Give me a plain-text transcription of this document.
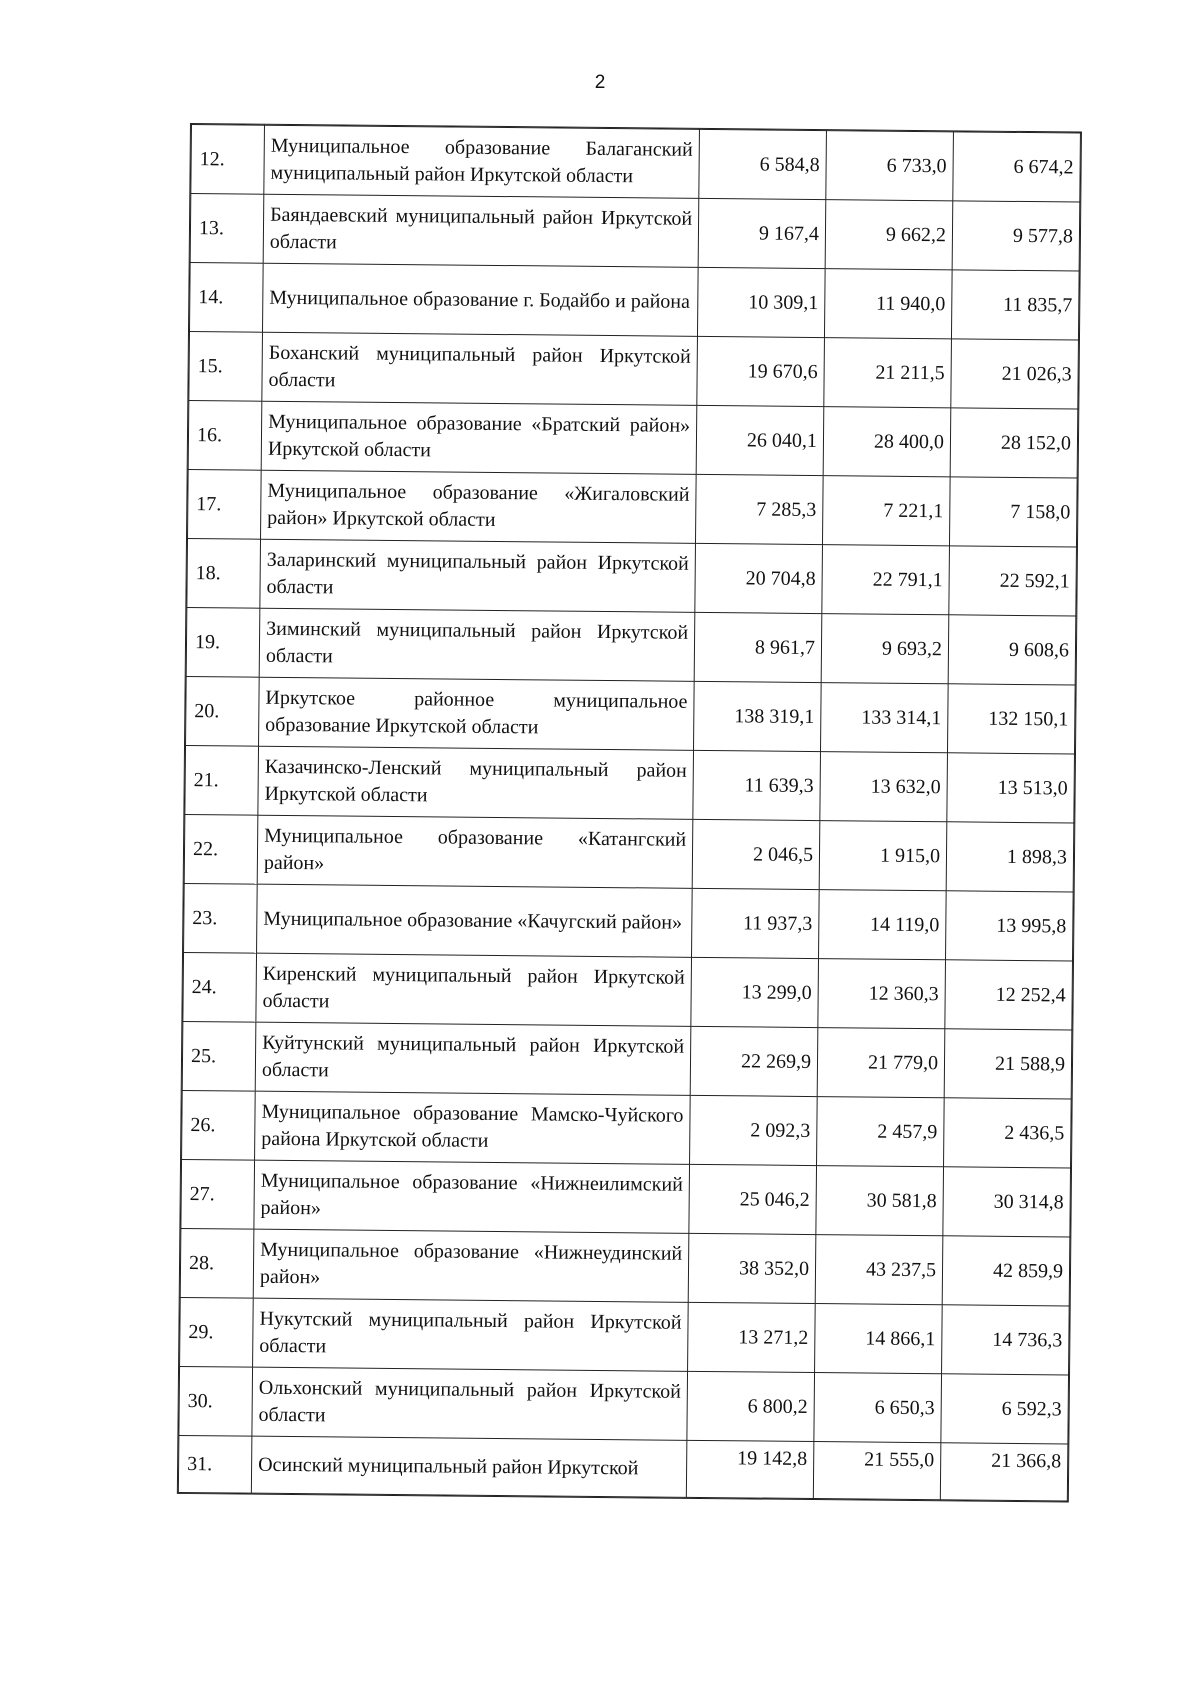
2
12.	Муниципальное образование Балаганский муниципальный район Иркутской области	6 584,8	6 733,0	6 674,2
13.	Баяндаевский муниципальный район Иркутской области	9 167,4	9 662,2	9 577,8
14.	Муниципальное образование г. Бодайбо и района	10 309,1	11 940,0	11 835,7
15.	Боханский муниципальный район Иркутской области	19 670,6	21 211,5	21 026,3
16.	Муниципальное образование «Братский район» Иркутской области	26 040,1	28 400,0	28 152,0
17.	Муниципальное образование «Жигаловский район» Иркутской области	7 285,3	7 221,1	7 158,0
18.	Заларинский муниципальный район Иркутской области	20 704,8	22 791,1	22 592,1
19.	Зиминский муниципальный район Иркутской области	8 961,7	9 693,2	9 608,6
20.	Иркутское районное муниципальное образование Иркутской области	138 319,1	133 314,1	132 150,1
21.	Казачинско-Ленский муниципальный район Иркутской области	11 639,3	13 632,0	13 513,0
22.	Муниципальное образование «Катангский район»	2 046,5	1 915,0	1 898,3
23.	Муниципальное образование «Качугский район»	11 937,3	14 119,0	13 995,8
24.	Киренский муниципальный район Иркутской области	13 299,0	12 360,3	12 252,4
25.	Куйтунский муниципальный район Иркутской области	22 269,9	21 779,0	21 588,9
26.	Муниципальное образование Мамско-Чуйского района Иркутской области	2 092,3	2 457,9	2 436,5
27.	Муниципальное образование «Нижнеилимский район»	25 046,2	30 581,8	30 314,8
28.	Муниципальное образование «Нижнеудинский район»	38 352,0	43 237,5	42 859,9
29.	Нукутский муниципальный район Иркутской области	13 271,2	14 866,1	14 736,3
30.	Ольхонский муниципальный район Иркутской области	6 800,2	6 650,3	6 592,3
31.	Осинский муниципальный район Иркутской	19 142,8	21 555,0	21 366,8
